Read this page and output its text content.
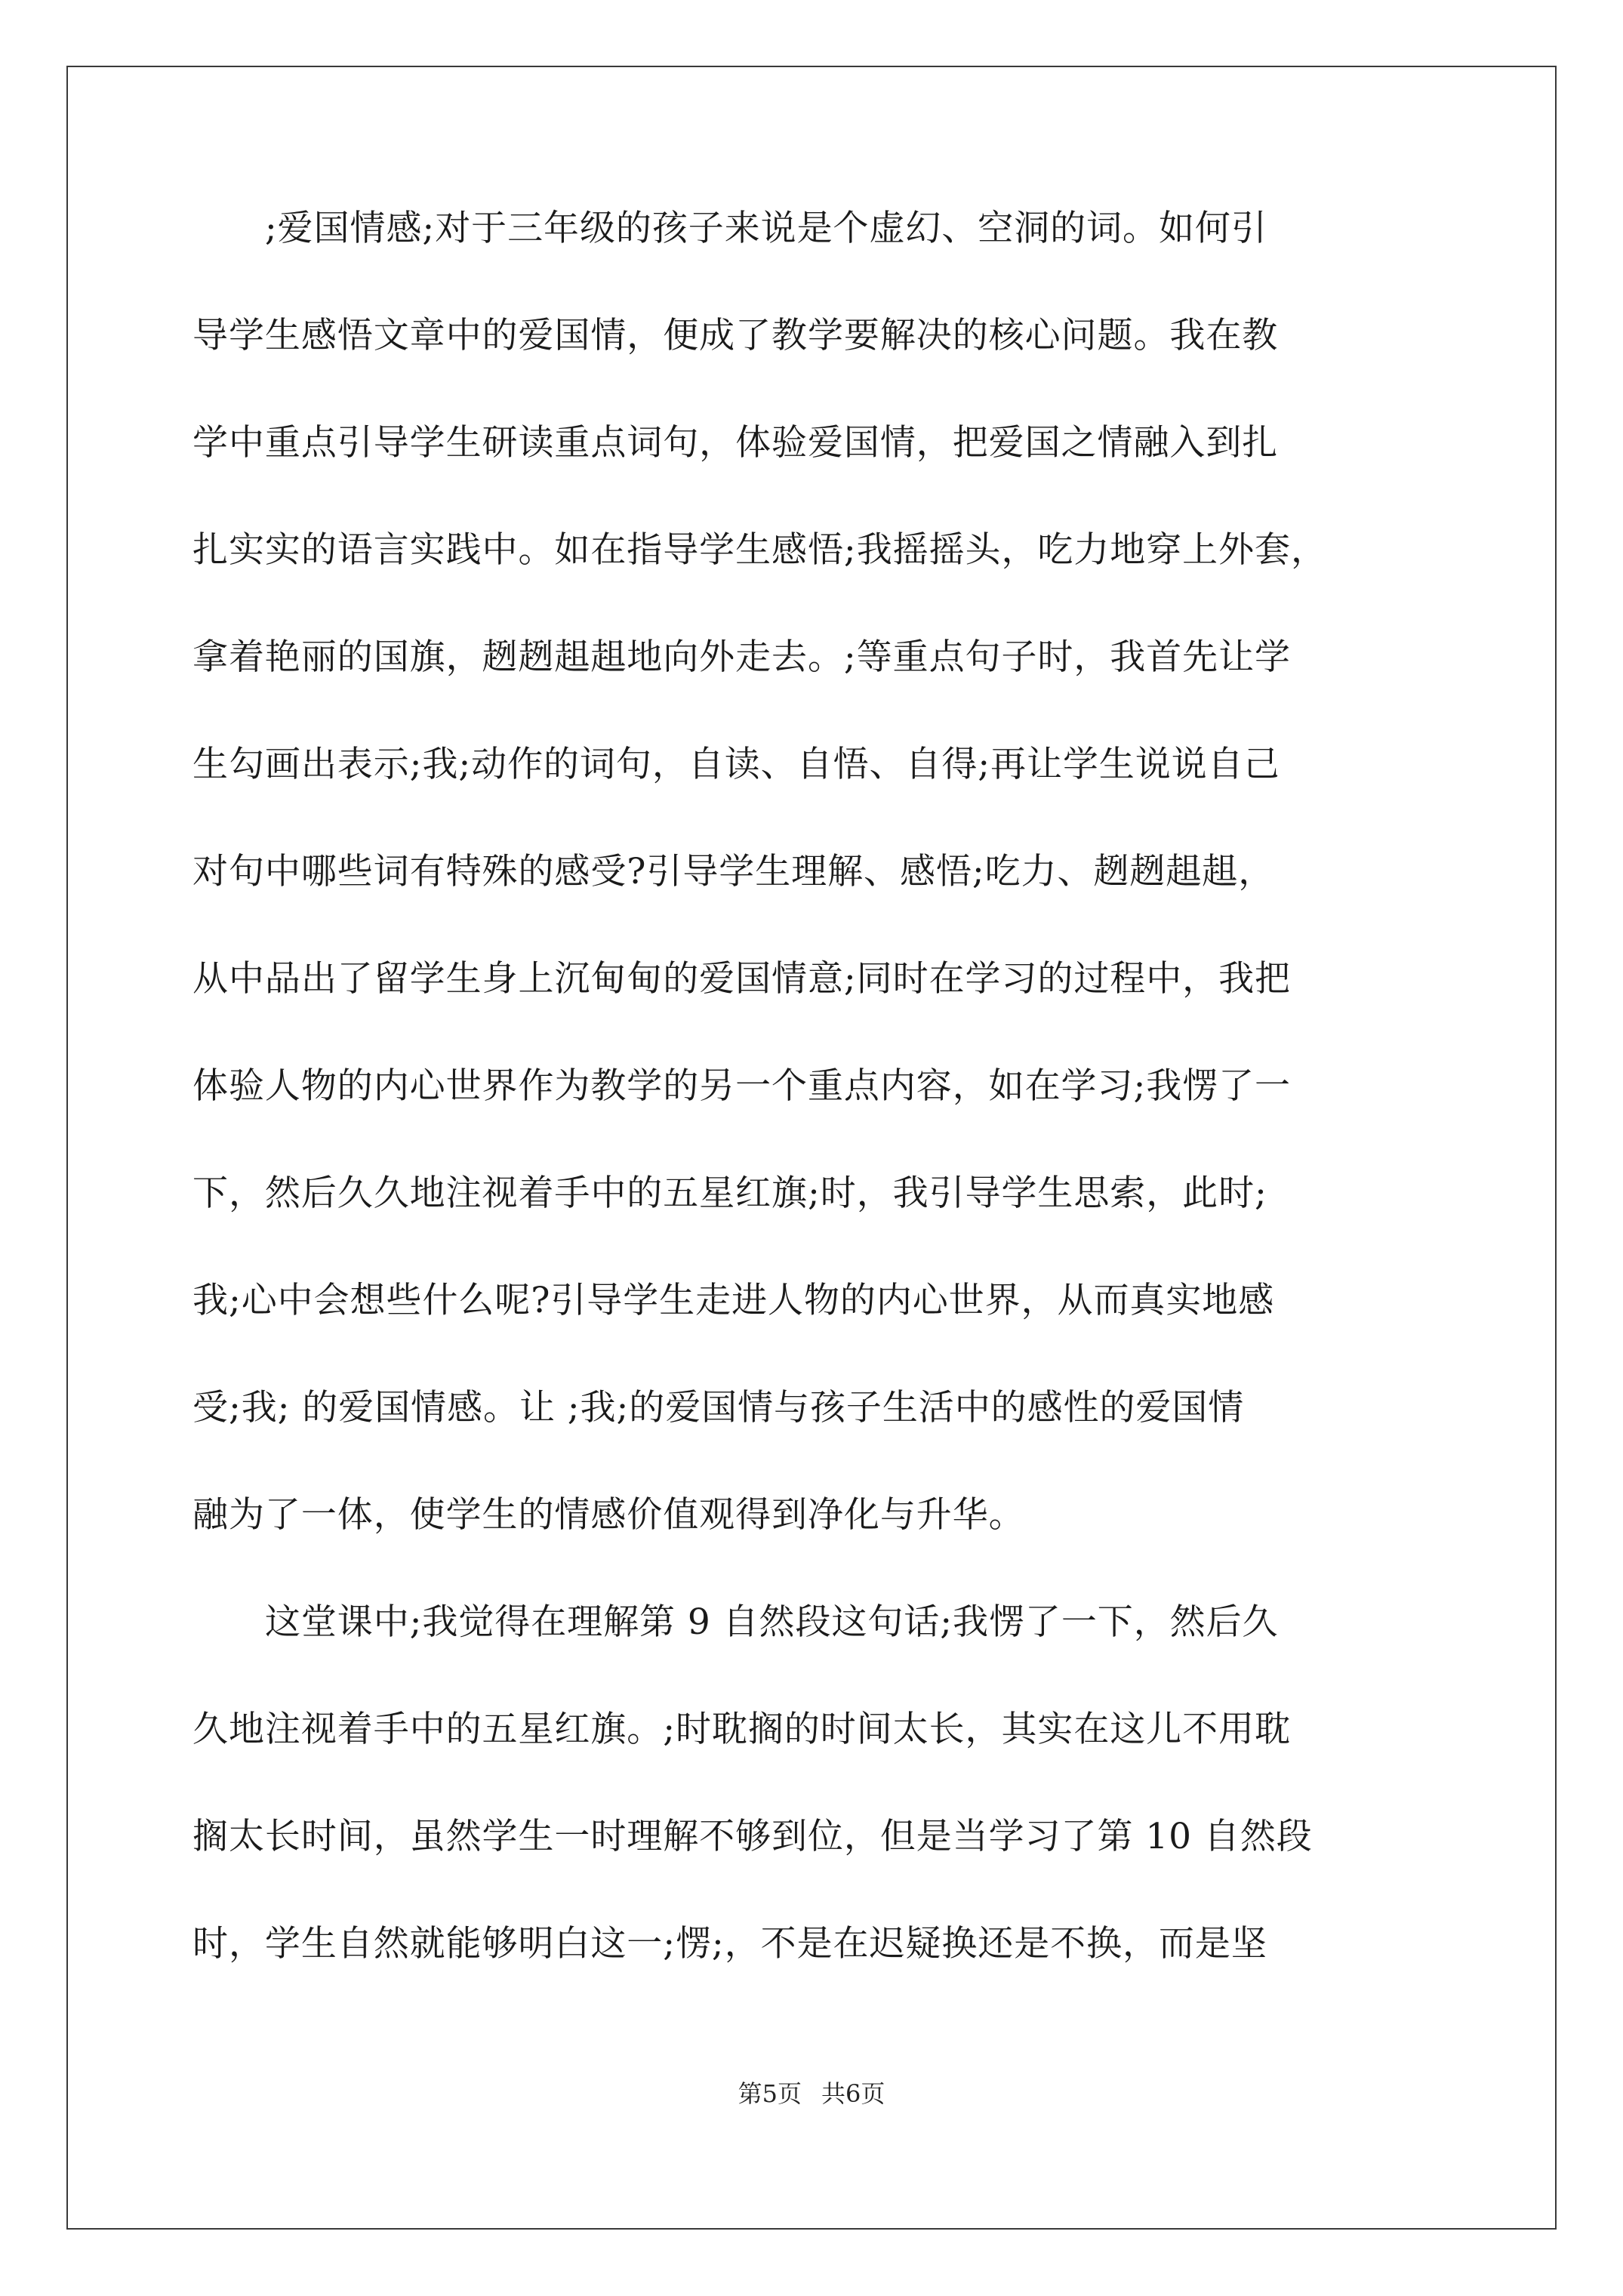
　　;爱国情感;对于三年级的孩子来说是个虚幻、空洞的词。如何引
导学生感悟文章中的爱国情，便成了教学要解决的核心问题。我在教
学中重点引导学生研读重点词句，体验爱国情，把爱国之情融入到扎
扎实实的语言实践中。如在指导学生感悟;我摇摇头，吃力地穿上外套，
拿着艳丽的国旗，趔趔趄趄地向外走去。;等重点句子时，我首先让学
生勾画出表示;我;动作的词句，自读、自悟、自得;再让学生说说自己
对句中哪些词有特殊的感受?引导学生理解、感悟;吃力、趔趔趄趄，
从中品出了留学生身上沉甸甸的爱国情意;同时在学习的过程中，我把
体验人物的内心世界作为教学的另一个重点内容，如在学习;我愣了一
下，然后久久地注视着手中的五星红旗;时，我引导学生思索，此时;
我;心中会想些什么呢?引导学生走进人物的内心世界，从而真实地感
受;我; 的爱国情感。让 ;我;的爱国情与孩子生活中的感性的爱国情
融为了一体，使学生的情感价值观得到净化与升华。
　　这堂课中;我觉得在理解第 9 自然段这句话;我愣了一下，然后久
久地注视着手中的五星红旗。;时耽搁的时间太长，其实在这儿不用耽
搁太长时间，虽然学生一时理解不够到位，但是当学习了第 10 自然段
时，学生自然就能够明白这一;愣;，不是在迟疑换还是不换，而是坚
第5页 共6页
